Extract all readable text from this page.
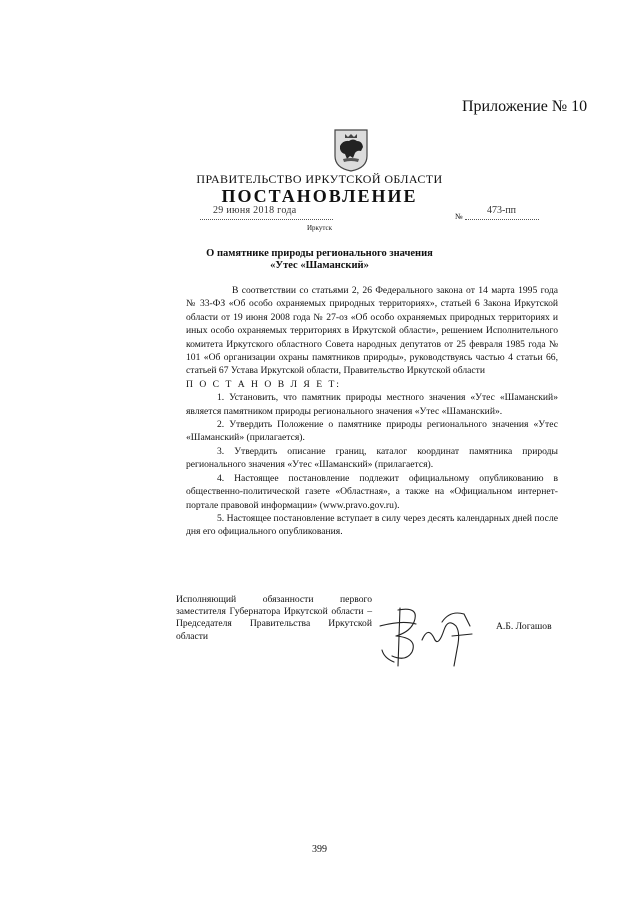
Приложение № 10
ПРАВИТЕЛЬСТВО ИРКУТСКОЙ ОБЛАСТИ
ПОСТАНОВЛЕНИЕ
29 июня 2018 года
№
473-пп
Иркутск
О памятнике природы регионального значения
«Утес «Шаманский»

В соответствии со статьями 2, 26 Федерального закона от 14 марта 1995 года № 33-ФЗ «Об особо охраняемых природных территориях», статьей 6 Закона Иркутской области от 19 июня 2008 года № 27-оз «Об особо охраняемых природных территориях и иных особо охраняемых территориях в Иркутской области», решением Исполнительного комитета Иркутского областного Совета народных депутатов от 25 февраля 1985 года № 101 «Об организации охраны памятников природы», руководствуясь частью 4 статьи 66, статьей 67 Устава Иркутской области, Правительство Иркутской области

П О С Т А Н О В Л Я Е Т:

1. Установить, что памятник природы местного значения «Утес «Шаманский» является памятником природы регионального значения «Утес «Шаманский».

2. Утвердить Положение о памятнике природы регионального значения «Утес «Шаманский» (прилагается).

3. Утвердить описание границ, каталог координат памятника природы регионального значения «Утес «Шаманский» (прилагается).

4. Настоящее постановление подлежит официальному опубликованию в общественно-политической газете «Областная», а также на «Официальном интернет-портале правовой информации» (www.pravo.gov.ru).

5. Настоящее постановление вступает в силу через десять календарных дней после дня его официального опубликования.

Исполняющий обязанности первого заместителя Губернатора Иркутской области – Председателя Правительства Иркутской области
А.Б. Логашов
399
